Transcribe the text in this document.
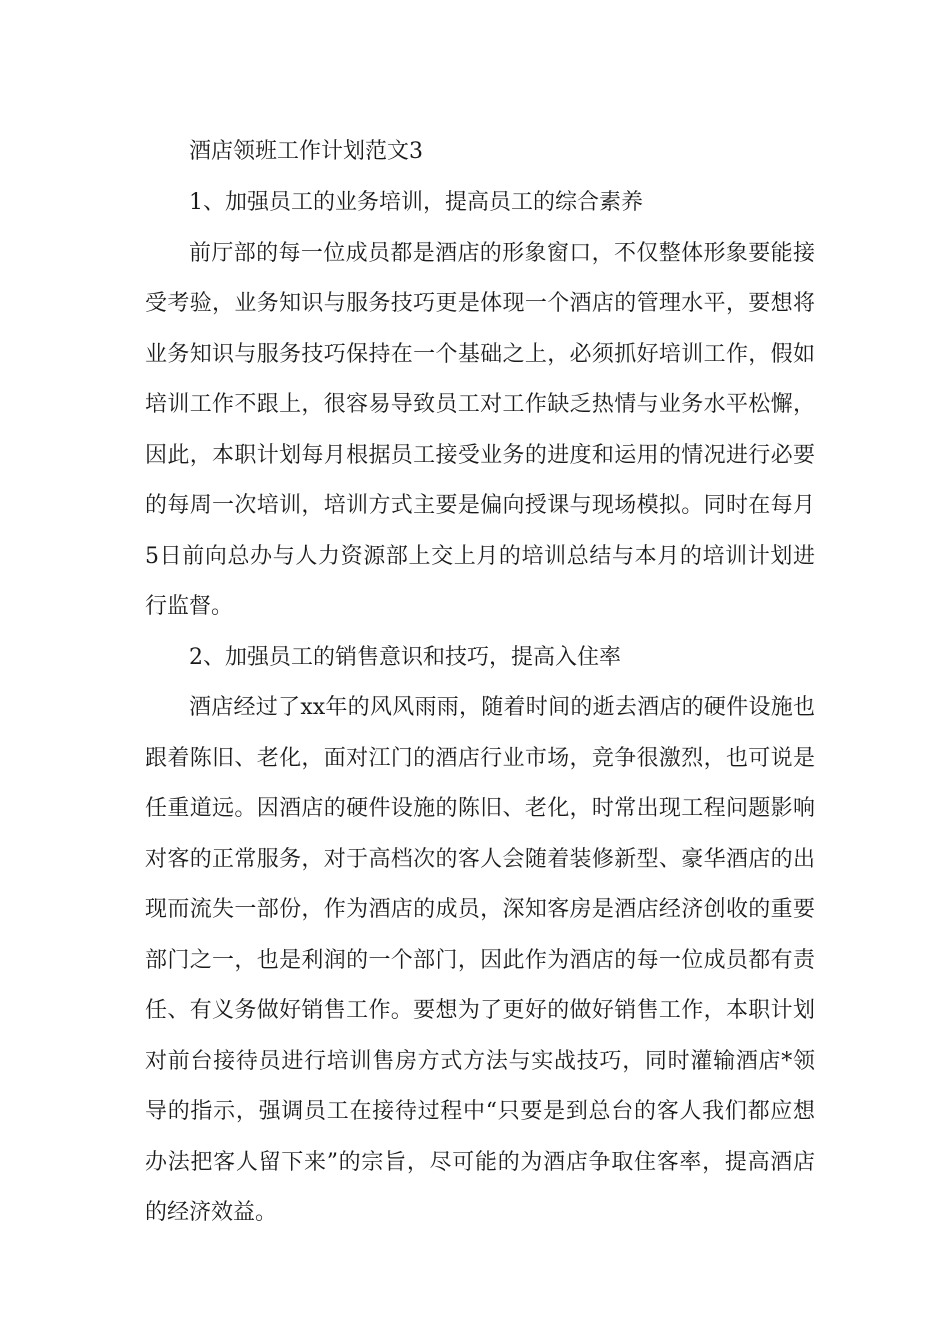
酒店领班工作计划范文3

1、加强员工的业务培训，提高员工的综合素养

前厅部的每一位成员都是酒店的形象窗口，不仅整体形象要能接受考验，业务知识与服务技巧更是体现一个酒店的管理水平，要想将业务知识与服务技巧保持在一个基础之上，必须抓好培训工作，假如培训工作不跟上，很容易导致员工对工作缺乏热情与业务水平松懈，因此，本职计划每月根据员工接受业务的进度和运用的情况进行必要的每周一次培训，培训方式主要是偏向授课与现场模拟。同时在每月5日前向总办与人力资源部上交上月的培训总结与本月的培训计划进行监督。

2、加强员工的销售意识和技巧，提高入住率

酒店经过了xx年的风风雨雨，随着时间的逝去酒店的硬件设施也跟着陈旧、老化，面对江门的酒店行业市场，竞争很激烈，也可说是任重道远。因酒店的硬件设施的陈旧、老化，时常出现工程问题影响对客的正常服务，对于高档次的客人会随着装修新型、豪华酒店的出现而流失一部份，作为酒店的成员，深知客房是酒店经济创收的重要部门之一，也是利润的一个部门，因此作为酒店的每一位成员都有责任、有义务做好销售工作。要想为了更好的做好销售工作，本职计划对前台接待员进行培训售房方式方法与实战技巧，同时灌输酒店*领导的指示，强调员工在接待过程中“只要是到总台的客人我们都应想办法把客人留下来”的宗旨，尽可能的为酒店争取住客率，提高酒店的经济效益。
